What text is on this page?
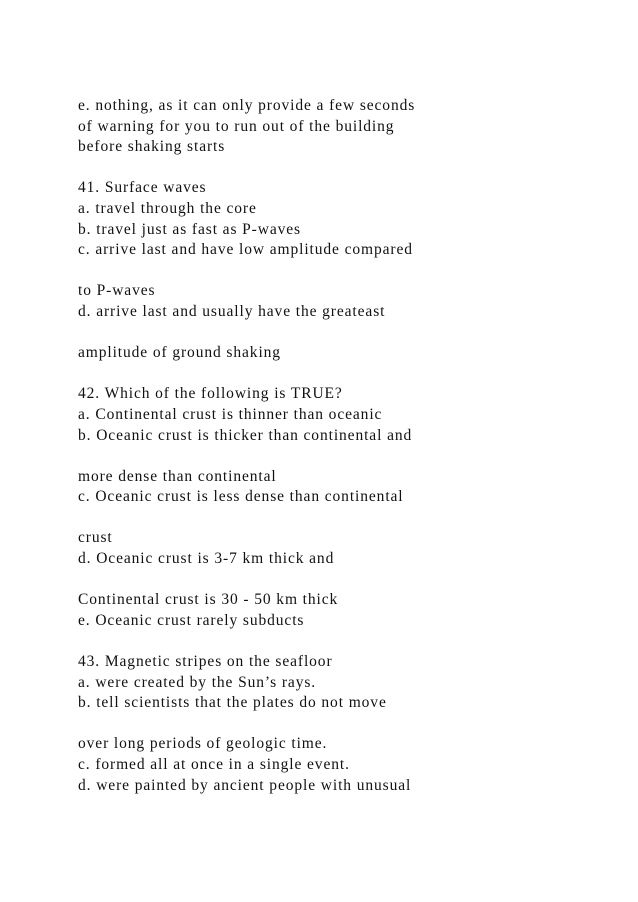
e. nothing, as it can only provide a few seconds
of warning for you to run out of the building
before shaking starts
41. Surface waves
a. travel through the core
b. travel just as fast as P-waves
c. arrive last and have low amplitude compared
to P-waves
d. arrive last and usually have the greateast
amplitude of ground shaking
42. Which of the following is TRUE?
a. Continental crust is thinner than oceanic
b. Oceanic crust is thicker than continental and
more dense than continental
c. Oceanic crust is less dense than continental
crust
d. Oceanic crust is 3-7 km thick and
Continental crust is 30 - 50 km thick
e. Oceanic crust rarely subducts
43. Magnetic stripes on the seafloor
a. were created by the Sun’s rays.
b. tell scientists that the plates do not move
over long periods of geologic time.
c. formed all at once in a single event.
d. were painted by ancient people with unusual
